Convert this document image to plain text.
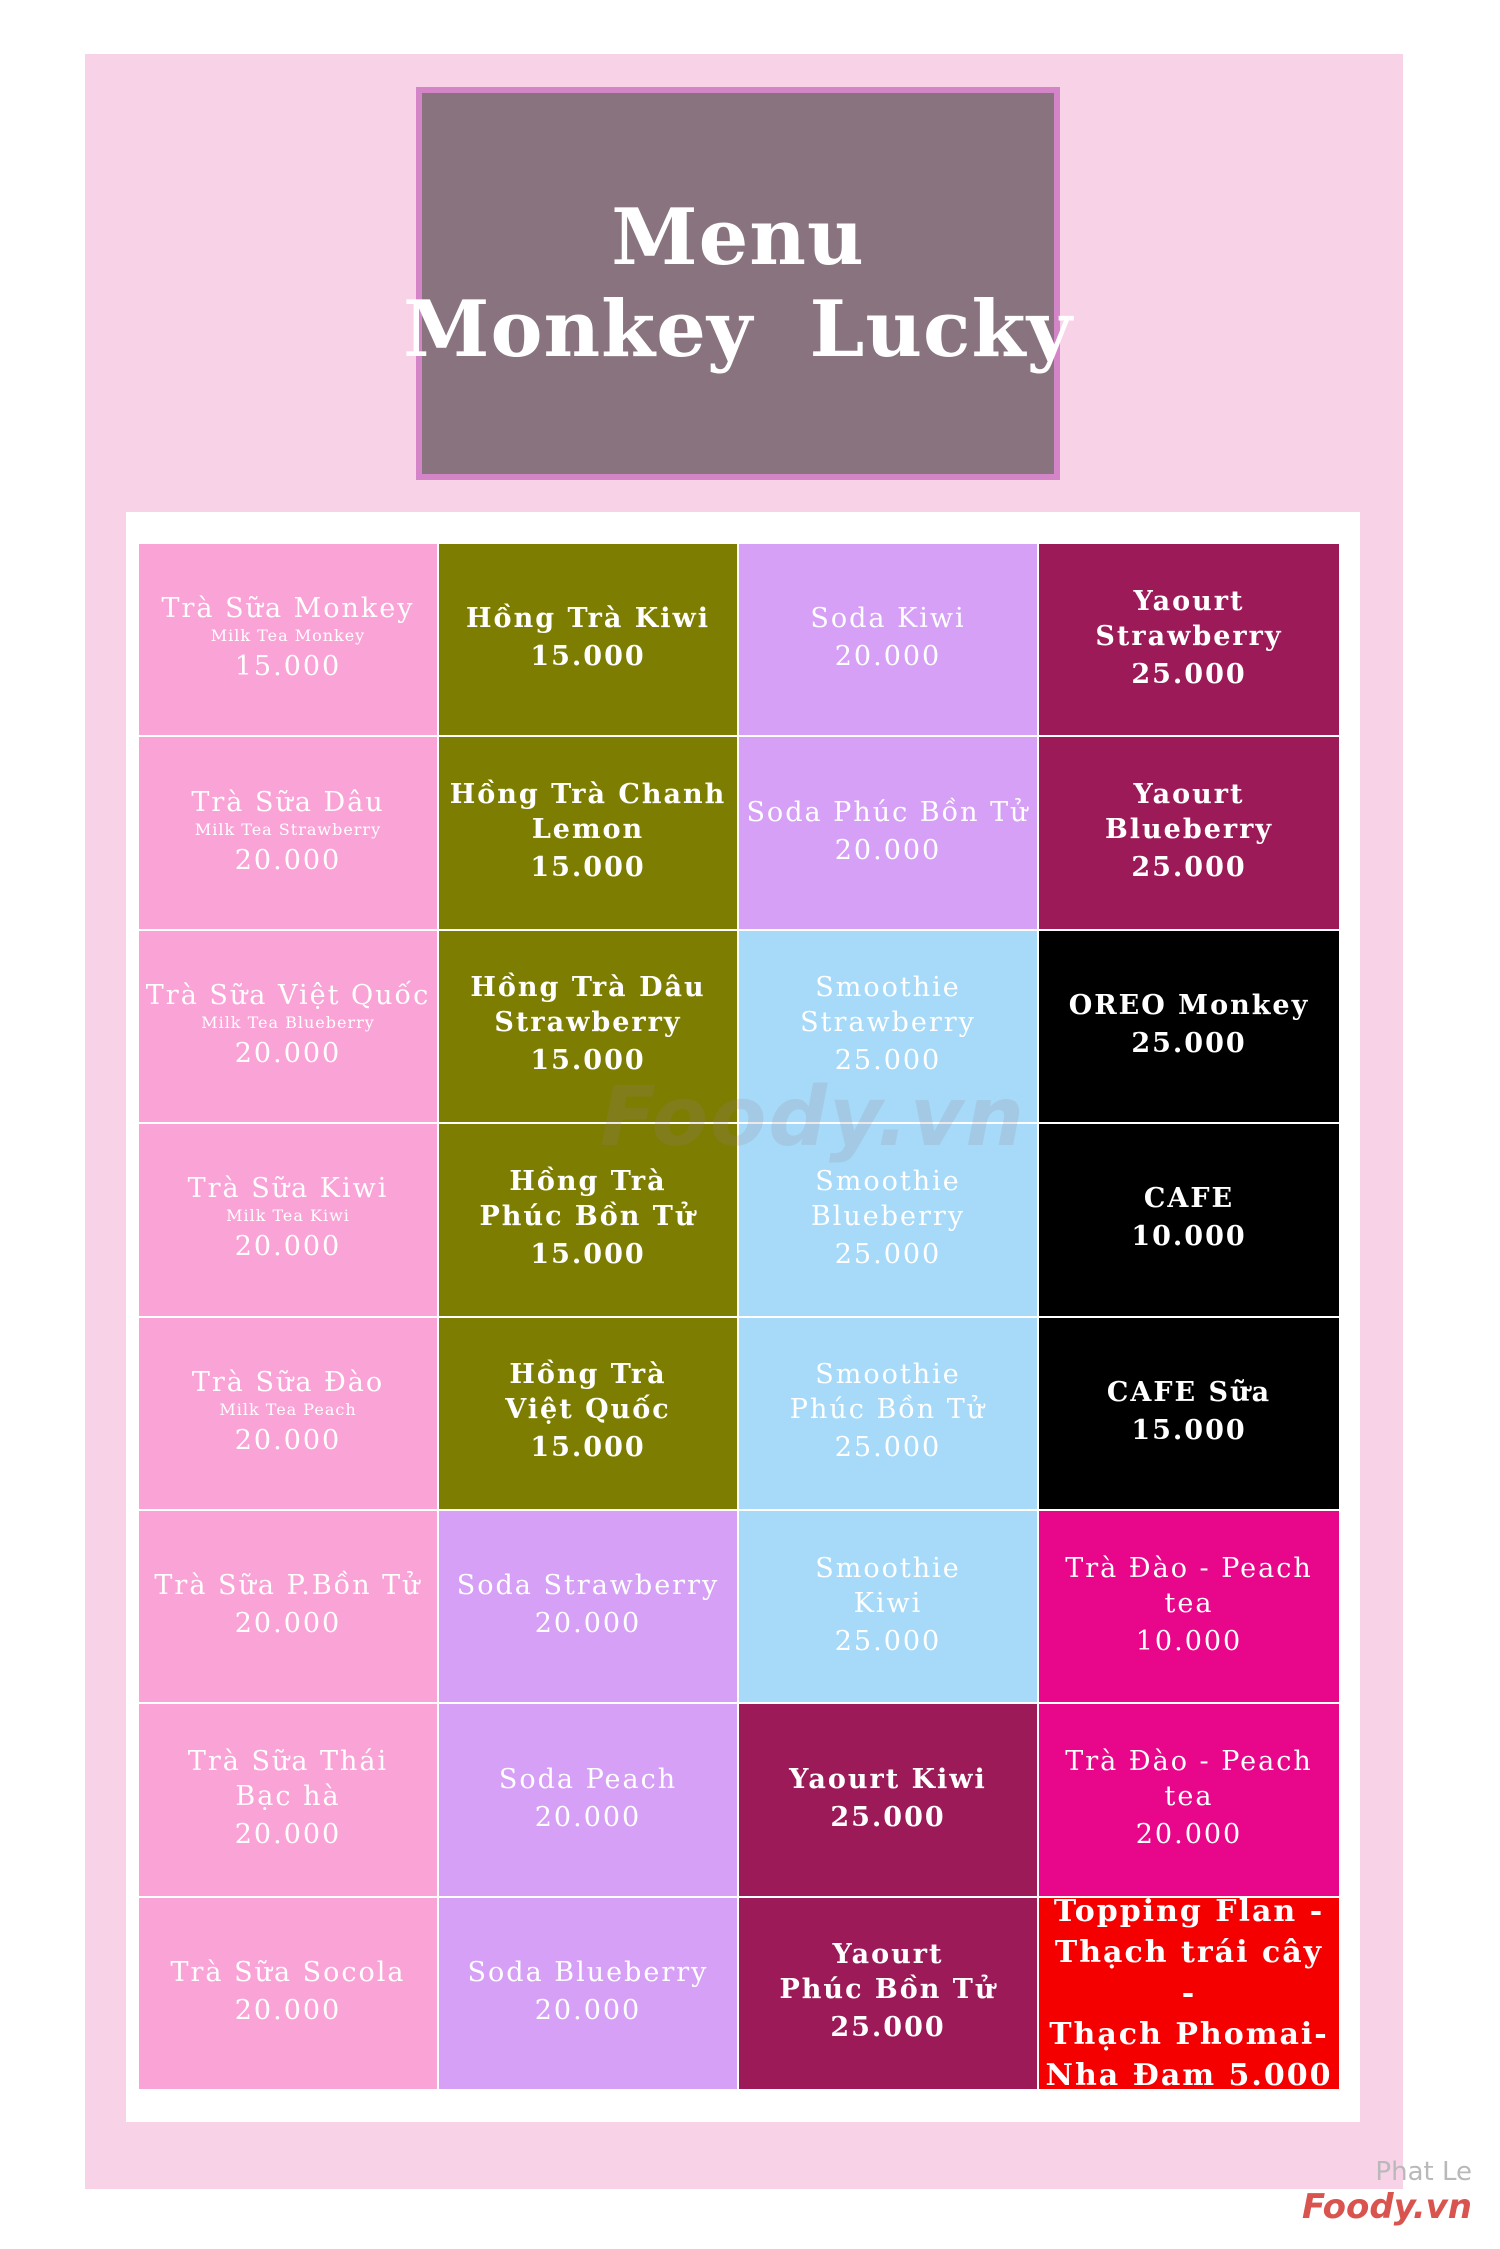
Menu
Monkey  Lucky
Trà Sữa Monkey
Milk Tea Monkey
15.000
Hồng Trà Kiwi
15.000
Soda Kiwi
20.000
Yaourt Strawberry
25.000
Trà Sữa Dâu
Milk Tea Strawberry
20.000
Hồng Trà Chanh
Lemon
15.000
Soda Phúc Bồn Tử
20.000
Yaourt Blueberry
25.000
Trà Sữa Việt Quốc
Milk Tea Blueberry
20.000
Hồng Trà Dâu
Strawberry
15.000
Smoothie
Strawberry
25.000
OREO Monkey
25.000
Trà Sữa Kiwi
Milk Tea Kiwi
20.000
Hồng Trà
Phúc Bồn Tử
15.000
Smoothie
Blueberry
25.000
CAFE
10.000
Trà Sữa Đào
Milk Tea Peach
20.000
Hồng Trà
Việt Quốc
15.000
Smoothie
Phúc Bồn Tử
25.000
CAFE Sữa
15.000
Trà Sữa P.Bồn Tử
20.000
Soda Strawberry
20.000
Smoothie
Kiwi
25.000
Trà Đào - Peach tea
10.000
Trà Sữa Thái
Bạc hà
20.000
Soda Peach
20.000
Yaourt Kiwi
25.000
Trà Đào - Peach tea
20.000
Trà Sữa Socola
20.000
Soda Blueberry
20.000
Yaourt
Phúc Bồn Tử
25.000
Topping Flan -
Thạch trái cây -
Thạch Phomai-
Nha Đam 5.000
Foody.vn
Phat Le
Foody.vn
